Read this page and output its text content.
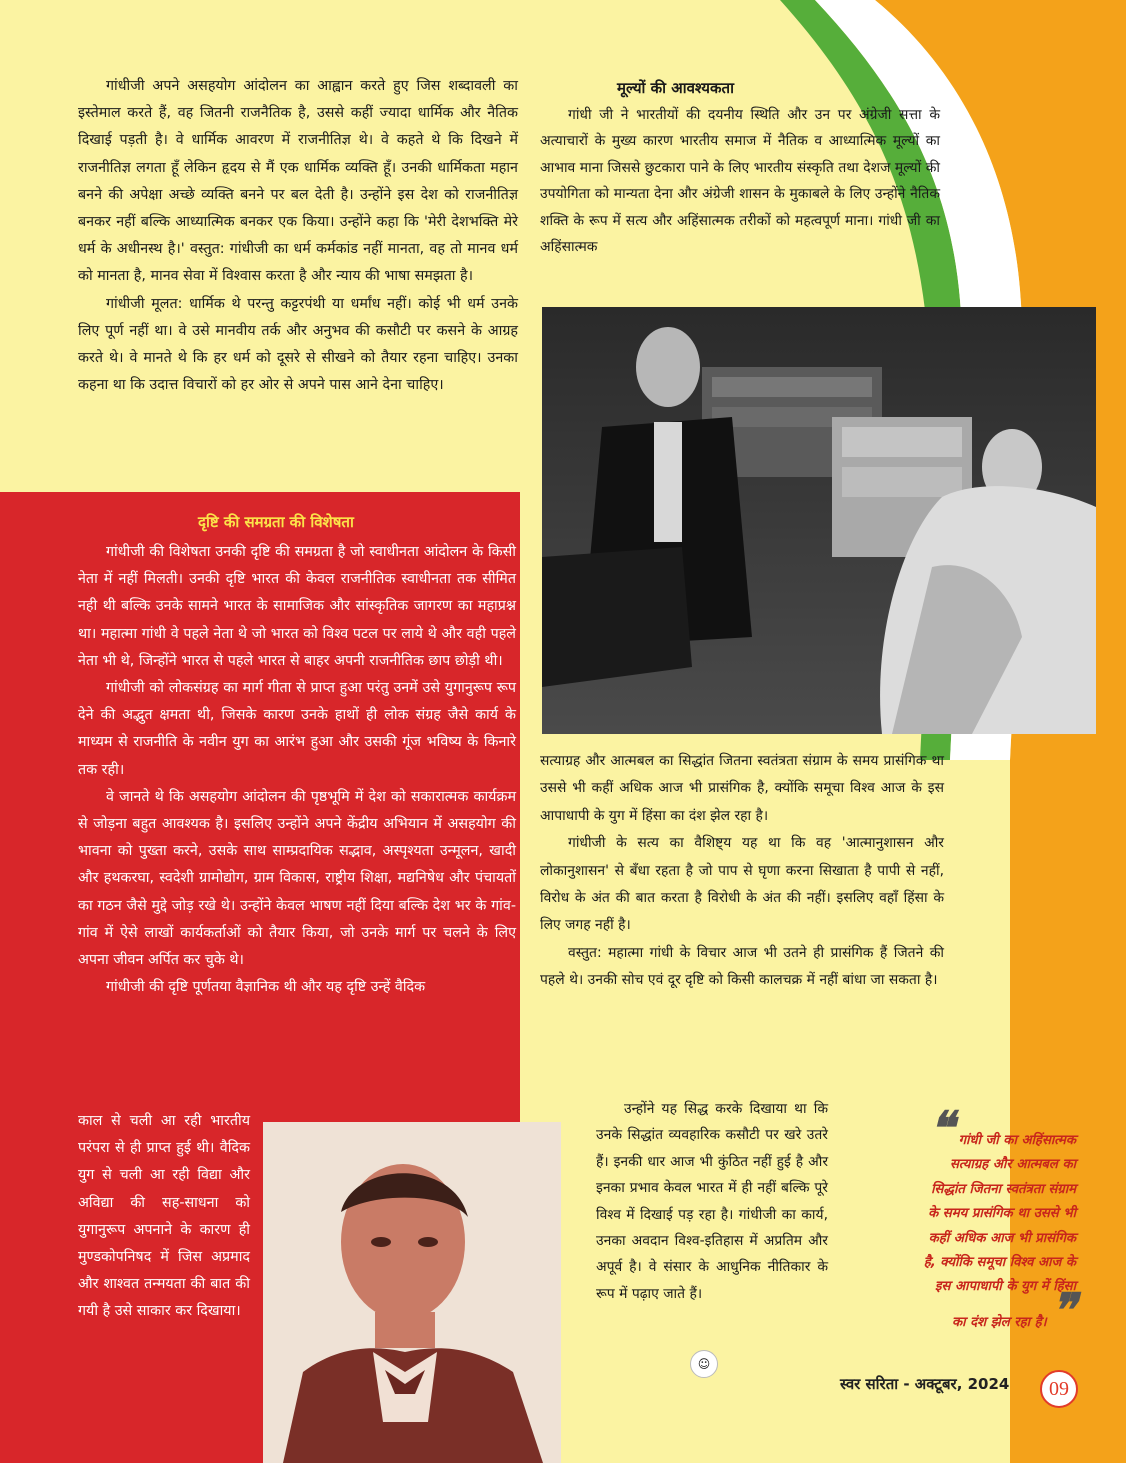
गांधीजी अपने असहयोग आंदोलन का आह्वान करते हुए जिस शब्दावली का इस्तेमाल करते हैं, वह जितनी राजनैतिक है, उससे कहीं ज्यादा धार्मिक और नैतिक दिखाई पड़ती है। वे धार्मिक आवरण में राजनीतिज्ञ थे। वे कहते थे कि दिखने में राजनीतिज्ञ लगता हूँ लेकिन हृदय से मैं एक धार्मिक व्यक्ति हूँ। उनकी धार्मिकता महान बनने की अपेक्षा अच्छे व्यक्ति बनने पर बल देती है। उन्होंने इस देश को राजनीतिज्ञ बनकर नहीं बल्कि आध्यात्मिक बनकर एक किया। उन्होंने कहा कि 'मेरी देशभक्ति मेरे धर्म के अधीनस्थ है।' वस्तुत: गांधीजी का धर्म कर्मकांड नहीं मानता, वह तो मानव धर्म को मानता है, मानव सेवा में विश्वास करता है और न्याय की भाषा समझता है।

गांधीजी मूलत: धार्मिक थे परन्तु कट्टरपंथी या धर्मांध नहीं। कोई भी धर्म उनके लिए पूर्ण नहीं था। वे उसे मानवीय तर्क और अनुभव की कसौटी पर कसने के आग्रह करते थे। वे मानते थे कि हर धर्म को दूसरे से सीखने को तैयार रहना चाहिए। उनका कहना था कि उदात्त विचारों को हर ओर से अपने पास आने देना चाहिए।

मूल्यों की आवश्यकता

गांधी जी ने भारतीयों की दयनीय स्थिति और उन पर अंग्रेजी सत्ता के अत्याचारों के मुख्य कारण भारतीय समाज में नैतिक व आध्यात्मिक मूल्यों का आभाव माना जिससे छुटकारा पाने के लिए भारतीय संस्कृति तथा देशज मूल्यों की उपयोगिता को मान्यता देना और अंग्रेजी शासन के मुकाबले के लिए उन्होंने नैतिक शक्ति के रूप में सत्य और अहिंसात्मक तरीकों को महत्वपूर्ण माना। गांधी जी का अहिंसात्मक

दृष्टि की समग्रता की विशेषता

गांधीजी की विशेषता उनकी दृष्टि की समग्रता है जो स्वाधीनता आंदोलन के किसी नेता में नहीं मिलती। उनकी दृष्टि भारत की केवल राजनीतिक स्वाधीनता तक सीमित नही थी बल्कि उनके सामने भारत के सामाजिक और सांस्कृतिक जागरण का महाप्रश्न था। महात्मा गांधी वे पहले नेता थे जो भारत को विश्व पटल पर लाये थे और वही पहले नेता भी थे, जिन्होंने भारत से पहले भारत से बाहर अपनी राजनीतिक छाप छोड़ी थी।

गांधीजी को लोकसंग्रह का मार्ग गीता से प्राप्त हुआ परंतु उनमें उसे युगानुरूप रूप देने की अद्भुत क्षमता थी, जिसके कारण उनके हाथों ही लोक संग्रह जैसे कार्य के माध्यम से राजनीति के नवीन युग का आरंभ हुआ और उसकी गूंज भविष्य के किनारे तक रही।

वे जानते थे कि असहयोग आंदोलन की पृष्ठभूमि में देश को सकारात्मक कार्यक्रम से जोड़ना बहुत आवश्यक है। इसलिए उन्होंने अपने केंद्रीय अभियान में असहयोग की भावना को पुख्ता करने, उसके साथ साम्प्रदायिक सद्भाव, अस्पृश्यता उन्मूलन, खादी और हथकरघा, स्वदेशी ग्रामोद्योग, ग्राम विकास, राष्ट्रीय शिक्षा, मद्यनिषेध और पंचायतों का गठन जैसे मुद्दे जोड़ रखे थे। उन्होंने केवल भाषण नहीं दिया बल्कि देश भर के गांव-गांव में ऐसे लाखों कार्यकर्ताओं को तैयार किया, जो उनके मार्ग पर चलने के लिए अपना जीवन अर्पित कर चुके थे।

गांधीजी की दृष्टि पूर्णतया वैज्ञानिक थी और यह दृष्टि उन्हें वैदिक

काल से चली आ रही भारतीय परंपरा से ही प्राप्त हुई थी। वैदिक युग से चली आ रही विद्या और अविद्या की सह-साधना को युगानुरूप अपनाने के कारण ही मुण्डकोपनिषद में जिस अप्रमाद और शाश्वत तन्मयता की बात की गयी है उसे साकार कर दिखाया।

सत्याग्रह और आत्मबल का सिद्धांत जितना स्वतंत्रता संग्राम के समय प्रासंगिक था उससे भी कहीं अधिक आज भी प्रासंगिक है, क्योंकि समूचा विश्व आज के इस आपाधापी के युग में हिंसा का दंश झेल रहा है।

गांधीजी के सत्य का वैशिष्ट्य यह था कि वह 'आत्मानुशासन और लोकानुशासन' से बँधा रहता है जो पाप से घृणा करना सिखाता है पापी से नहीं, विरोध के अंत की बात करता है विरोधी के अंत की नहीं। इसलिए वहाँ हिंसा के लिए जगह नहीं है।

वस्तुत: महात्मा गांधी के विचार आज भी उतने ही प्रासंगिक हैं जितने की पहले थे। उनकी सोच एवं दूर दृष्टि को किसी कालचक्र में नहीं बांधा जा सकता है।

उन्होंने यह सिद्ध करके दिखाया था कि उनके सिद्धांत व्यवहारिक कसौटी पर खरे उतरे हैं। इनकी धार आज भी कुंठित नहीं हुई है और इनका प्रभाव केवल भारत में ही नहीं बल्कि पूरे विश्व में दिखाई पड़ रहा है। गांधीजी का कार्य, उनका अवदान विश्व-इतिहास में अप्रतिम और अपूर्व है। वे संसार के आधुनिक नीतिकार के रूप में पढ़ाए जाते हैं।

☺
❝ गांधी जी का अहिंसात्मक सत्याग्रह और आत्मबल का सिद्धांत जितना स्वतंत्रता संग्राम के समय प्रासंगिक था उससे भी कहीं अधिक आज भी प्रासंगिक है, क्योंकि समूचा विश्व आज के इस आपाधापी के युग में हिंसा का दंश झेल रहा है। ❞
स्वर सरिता - अक्टूबर, 2024	09
